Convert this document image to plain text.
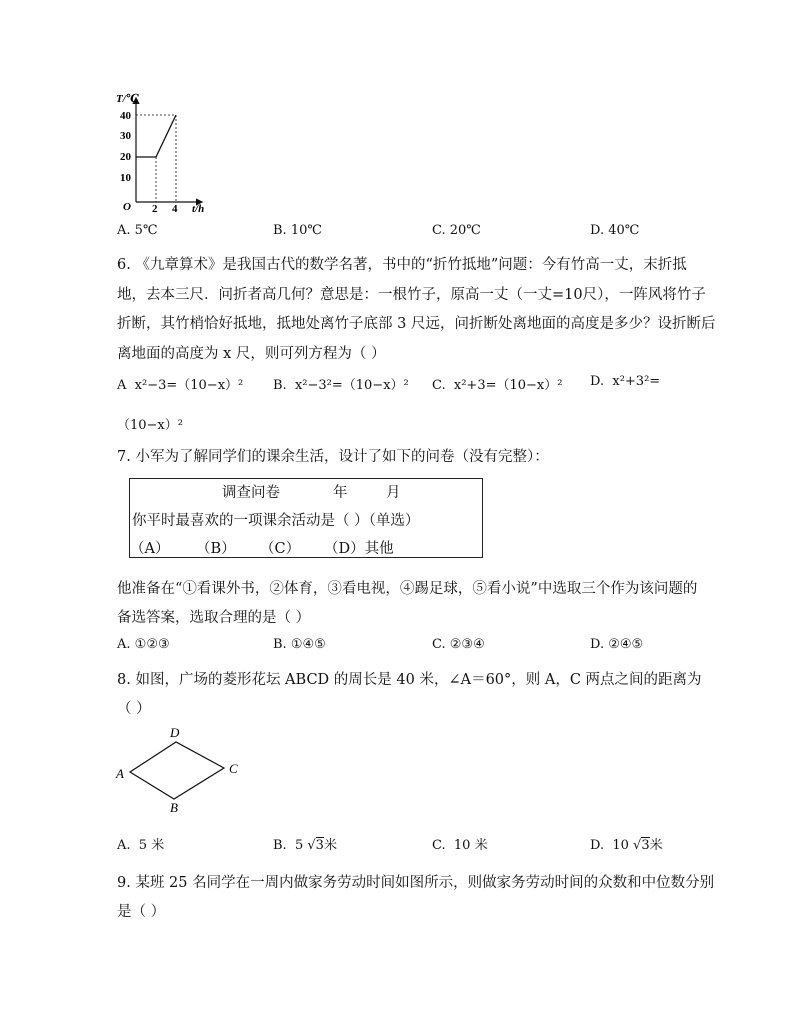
T/℃
t/h
O
10
20
30
40
2 4
A. 5℃	B. 10℃	C. 20℃	D. 40℃
6. 《九章算术》是我国古代的数学名著，书中的“折竹抵地”问题：今有竹高一丈，末折抵
地，去本三尺．问折者高几何？意思是：一根竹子，原高一丈（一丈=10尺），一阵风将竹子
折断，其竹梢恰好抵地，抵地处离竹子底部 3 尺远，问折断处离地面的高度是多少？设折断后
离地面的高度为 x 尺，则可列方程为（ ）
A x²−3=（10−x）² B. x²−3²=（10−x）² C. x²+3=（10−x）² D. x²+3²=
（10−x）²
7. 小军为了解同学们的课余生活，设计了如下的问卷（没有完整）：
调查问卷	年	月
你平时最喜欢的一项课余活动是（ ）（单选）
（A） （B） （C） （D）其他
他准备在“①看课外书，②体育，③看电视，④踢足球，⑤看小说”中选取三个作为该问题的
备选答案，选取合理的是（ ）
A. ①②③	B. ①④⑤	C. ②③④	D. ②④⑤
8. 如图，广场的菱形花坛 ABCD 的周长是 40 米，∠A＝60°，则 A，C 两点之间的距离为
（ ）
A
B
C
D
A. 5 米	B. 5 √3米	C. 10 米	D. 10 √3米
9. 某班 25 名同学在一周内做家务劳动时间如图所示，则做家务劳动时间的众数和中位数分别
是（ ）
